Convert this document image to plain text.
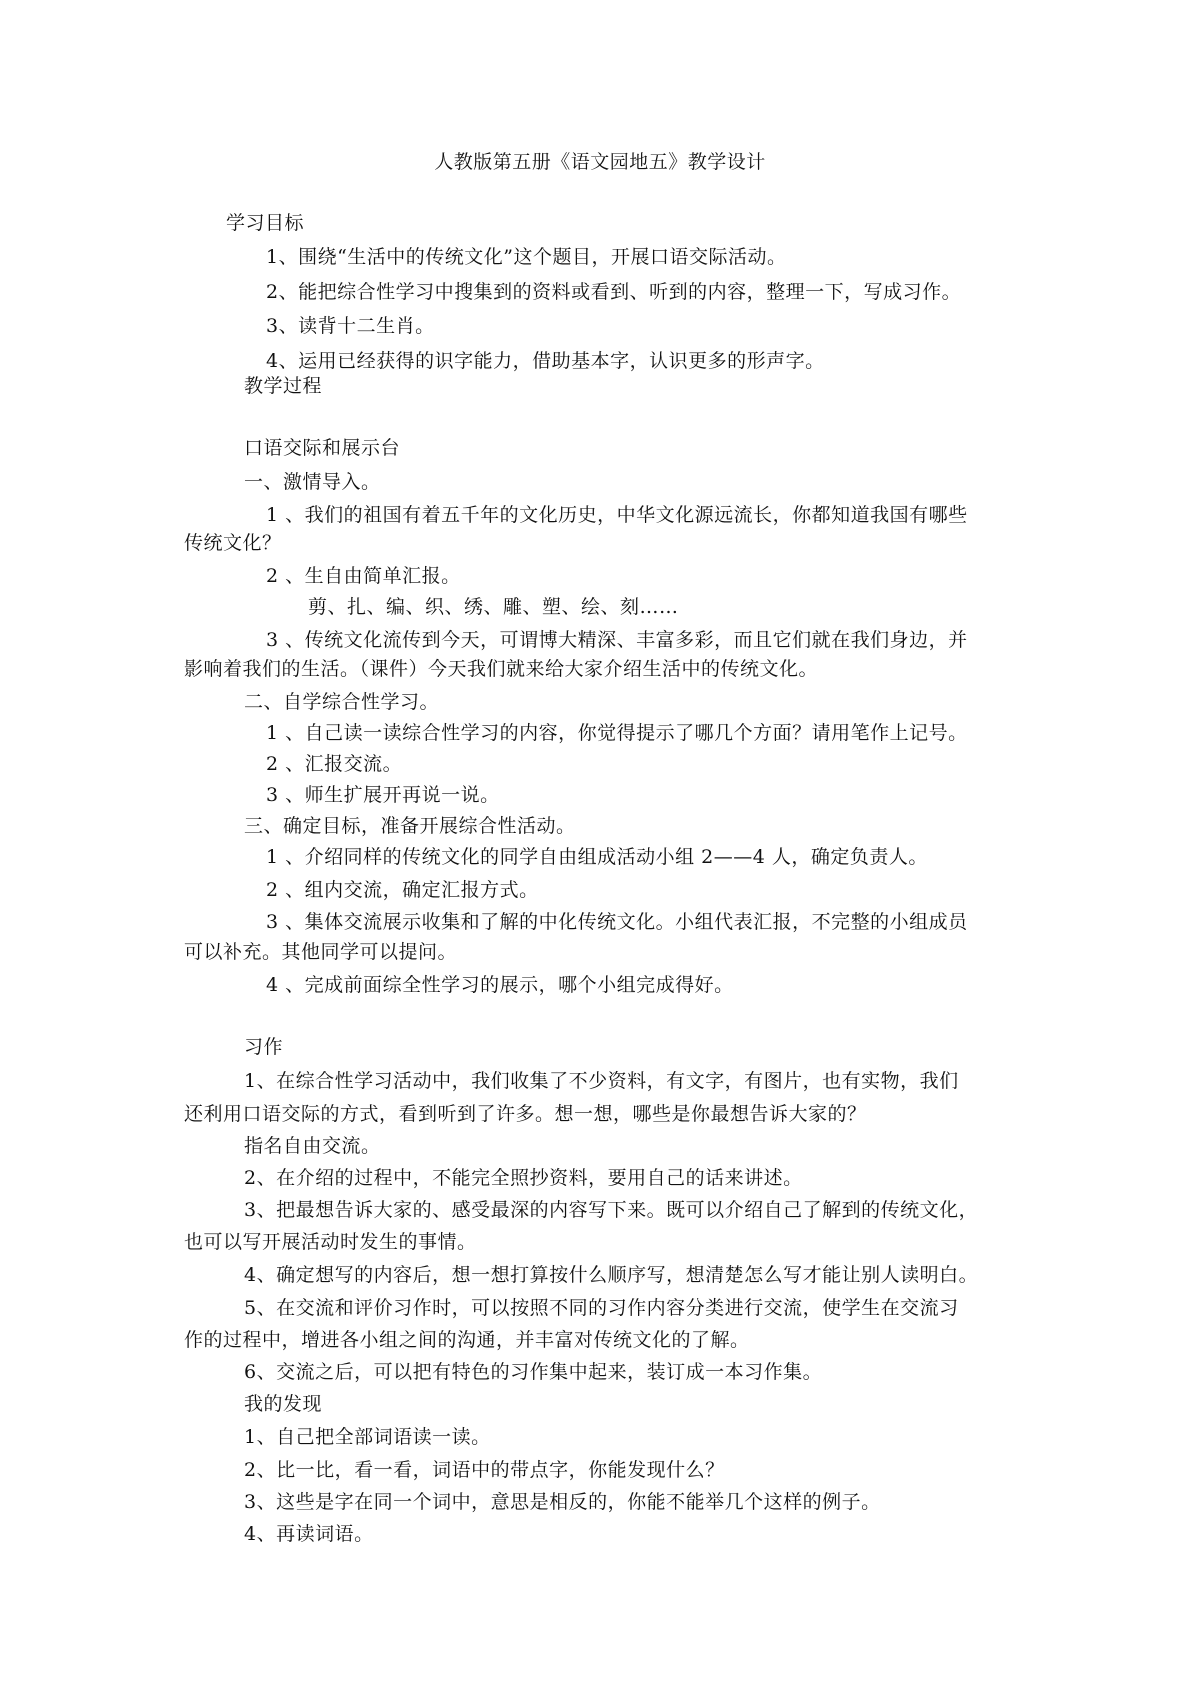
人教版第五册《语文园地五》教学设计
学习目标
1、围绕“生活中的传统文化”这个题目，开展口语交际活动。
2、能把综合性学习中搜集到的资料或看到、听到的内容，整理一下，写成习作。
3、读背十二生肖。
4、运用已经获得的识字能力，借助基本字，认识更多的形声字。
教学过程
口语交际和展示台
一、激情导入。
1 、我们的祖国有着五千年的文化历史，中华文化源远流长，你都知道我国有哪些
传统文化？
2 、生自由简单汇报。
剪、扎、编、织、绣、雕、塑、绘、刻……
3 、传统文化流传到今天，可谓博大精深、丰富多彩，而且它们就在我们身边，并
影响着我们的生活。（课件）今天我们就来给大家介绍生活中的传统文化。
二、自学综合性学习。
1 、自己读一读综合性学习的内容，你觉得提示了哪几个方面？请用笔作上记号。
2 、汇报交流。
3 、师生扩展开再说一说。
三、确定目标，准备开展综合性活动。
1 、介绍同样的传统文化的同学自由组成活动小组 2——4 人，确定负责人。
2 、组内交流，确定汇报方式。
3 、集体交流展示收集和了解的中化传统文化。小组代表汇报，不完整的小组成员
可以补充。其他同学可以提问。
4 、完成前面综全性学习的展示，哪个小组完成得好。
习作
1、在综合性学习活动中，我们收集了不少资料，有文字，有图片，也有实物，我们
还利用口语交际的方式，看到听到了许多。想一想，哪些是你最想告诉大家的？
指名自由交流。
2、在介绍的过程中，不能完全照抄资料，要用自己的话来讲述。
3、把最想告诉大家的、感受最深的内容写下来。既可以介绍自己了解到的传统文化，
也可以写开展活动时发生的事情。
4、确定想写的内容后，想一想打算按什么顺序写，想清楚怎么写才能让别人读明白。
5、在交流和评价习作时，可以按照不同的习作内容分类进行交流，使学生在交流习
作的过程中，增进各小组之间的沟通，并丰富对传统文化的了解。
6、交流之后，可以把有特色的习作集中起来，装订成一本习作集。
我的发现
1、自己把全部词语读一读。
2、比一比，看一看，词语中的带点字，你能发现什么？
3、这些是字在同一个词中，意思是相反的，你能不能举几个这样的例子。
4、再读词语。
